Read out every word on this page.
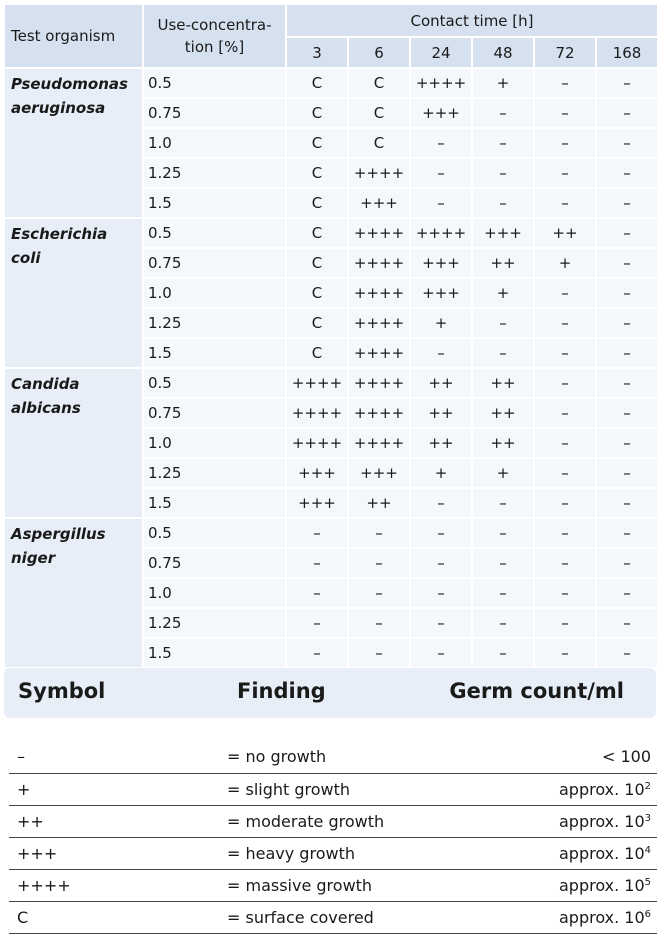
Test organism	Use-concentra-
tion [%]	Contact time [h]					
		3	6	24	48	72	168

Pseudomonas
aeruginosa	0.5	C	C	++++	+	–	–
	0.75	C	C	+++	–	–	–
	1.0	C	C	–	–	–	–
	1.25	C	++++	–	–	–	–
	1.5	C	+++	–	–	–	–

Escherichia
coli	0.5	C	++++	++++	+++	++	–
	0.75	C	++++	+++	++	+	–
	1.0	C	++++	+++	+	–	–
	1.25	C	++++	+	–	–	–
	1.5	C	++++	–	–	–	–

Candida
albicans	0.5	++++	++++	++	++	–	–
	0.75	++++	++++	++	++	–	–
	1.0	++++	++++	++	++	–	–
	1.25	+++	+++	+	+	–	–
	1.5	+++	++	–	–	–	–

Aspergillus
niger	0.5	–	–	–	–	–	–
	0.75	–	–	–	–	–	–
	1.0	–	–	–	–	–	–
	1.25	–	–	–	–	–	–
	1.5	–	–	–	–	–	–
Symbol	Finding	Germ count/ml
–	= no growth	< 100
+	= slight growth	approx. $10^2$
++	= moderate growth	approx. $10^3$
+++	= heavy growth	approx. $10^4$
++++	= massive growth	approx. $10^5$
C	= surface covered	approx. $10^6$
